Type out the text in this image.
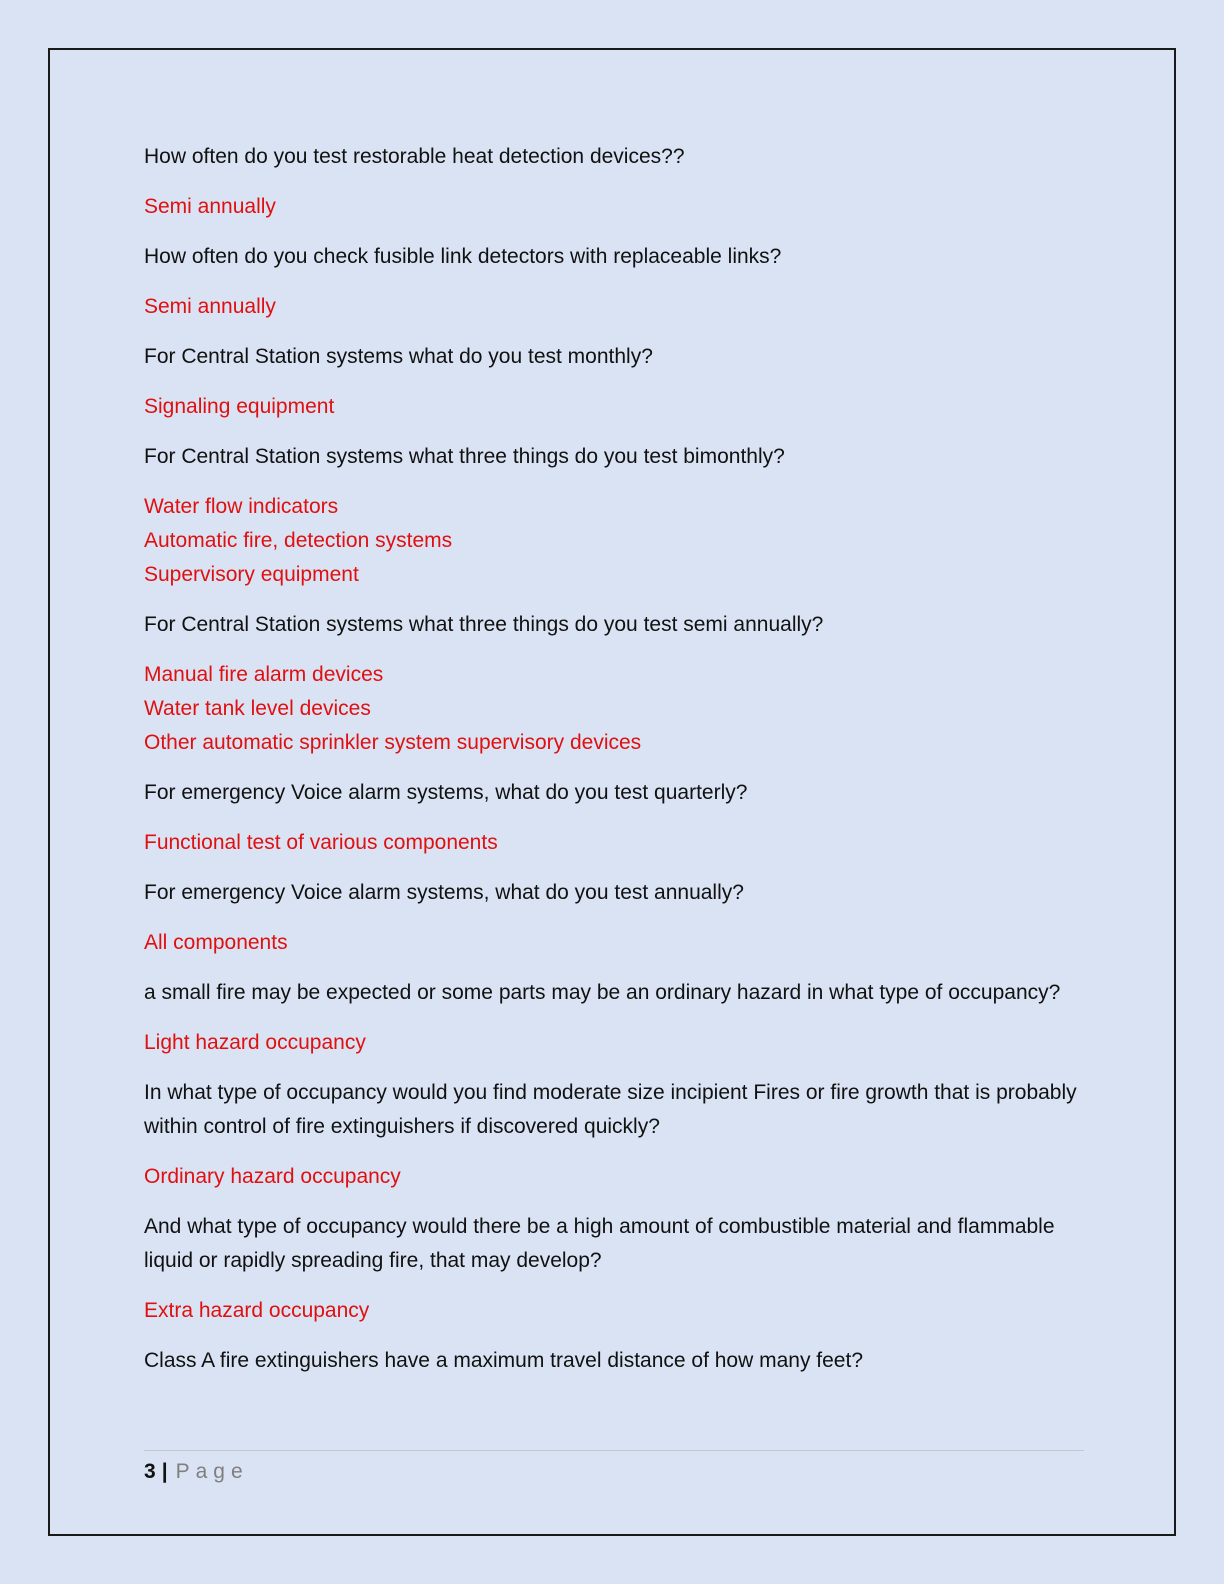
How often do you test restorable heat detection devices??

Semi annually

How often do you check fusible link detectors with replaceable links?

Semi annually

For Central Station systems what do you test monthly?

Signaling equipment

For Central Station systems what three things do you test bimonthly?

Water flow indicators
Automatic fire, detection systems
Supervisory equipment

For Central Station systems what three things do you test semi annually?

Manual fire alarm devices
Water tank level devices
Other automatic sprinkler system supervisory devices

For emergency Voice alarm systems, what do you test quarterly?

Functional test of various components

For emergency Voice alarm systems, what do you test annually?

All components

a small fire may be expected or some parts may be an ordinary hazard in what type of occupancy?

Light hazard occupancy

In what type of occupancy would you find moderate size incipient Fires or fire growth that is probably within control of fire extinguishers if discovered quickly?

Ordinary hazard occupancy

And what type of occupancy would there be a high amount of combustible material and flammable liquid or rapidly spreading fire, that may develop?

Extra hazard occupancy

Class A fire extinguishers have a maximum travel distance of how many feet?

3 | Page
